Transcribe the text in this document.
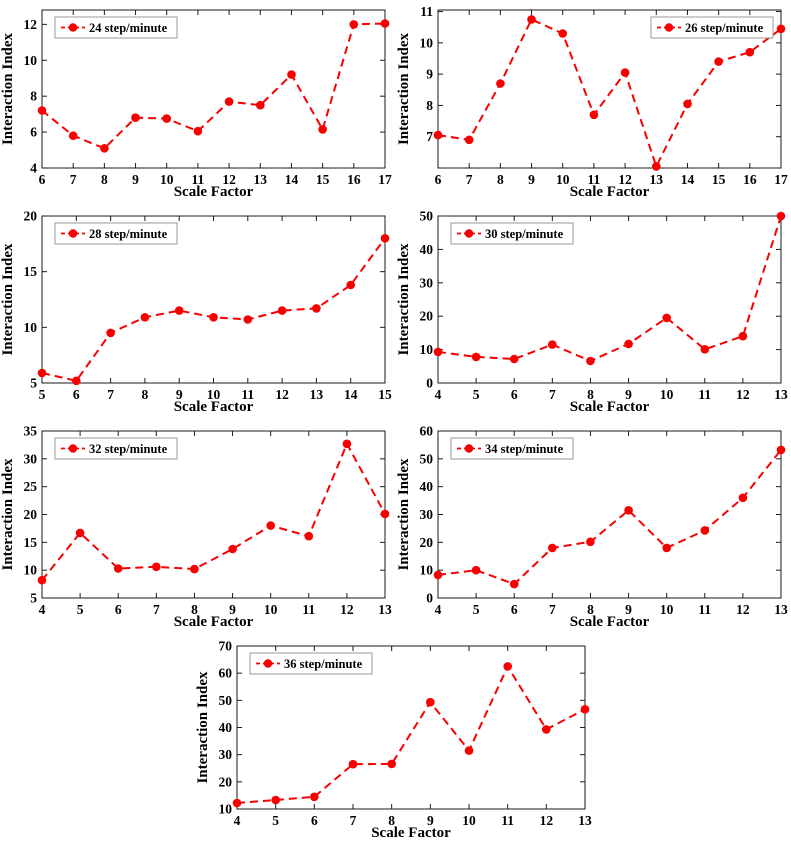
6 7 8 9 10 11 12 13 14 15 16 17
4
6
8
10
12	24 step/minute
Scale Factor
Interaction Index
6 7 8 9 10 11 12 13 14 15 16 17
7
8
9
10
11
26 step/minute
Scale Factor
Interaction Index
5 6 7 8 9 10 11 12 13 14 15
5
10
15
20
28 step/minute
Scale Factor
Interaction Index
4 5 6 7 8 9 10 11 12 13
0
10
20
30
40
50
30 step/minute
Scale Factor
Interaction Index
4 5 6 7 8 9 10 11 12 13
5
10
15
20
25
30
35
32 step/minute
Scale Factor
Interaction Index
4 5 6 7 8 9 10 11 12 13
0
10
20
30
40
50
60
34 step/minute
Scale Factor
Interaction Index
4 5 6 7 8 9 10 11 12 13
10
20
30
40
50
60
70
36 step/minute
Scale Factor
Interaction Index
